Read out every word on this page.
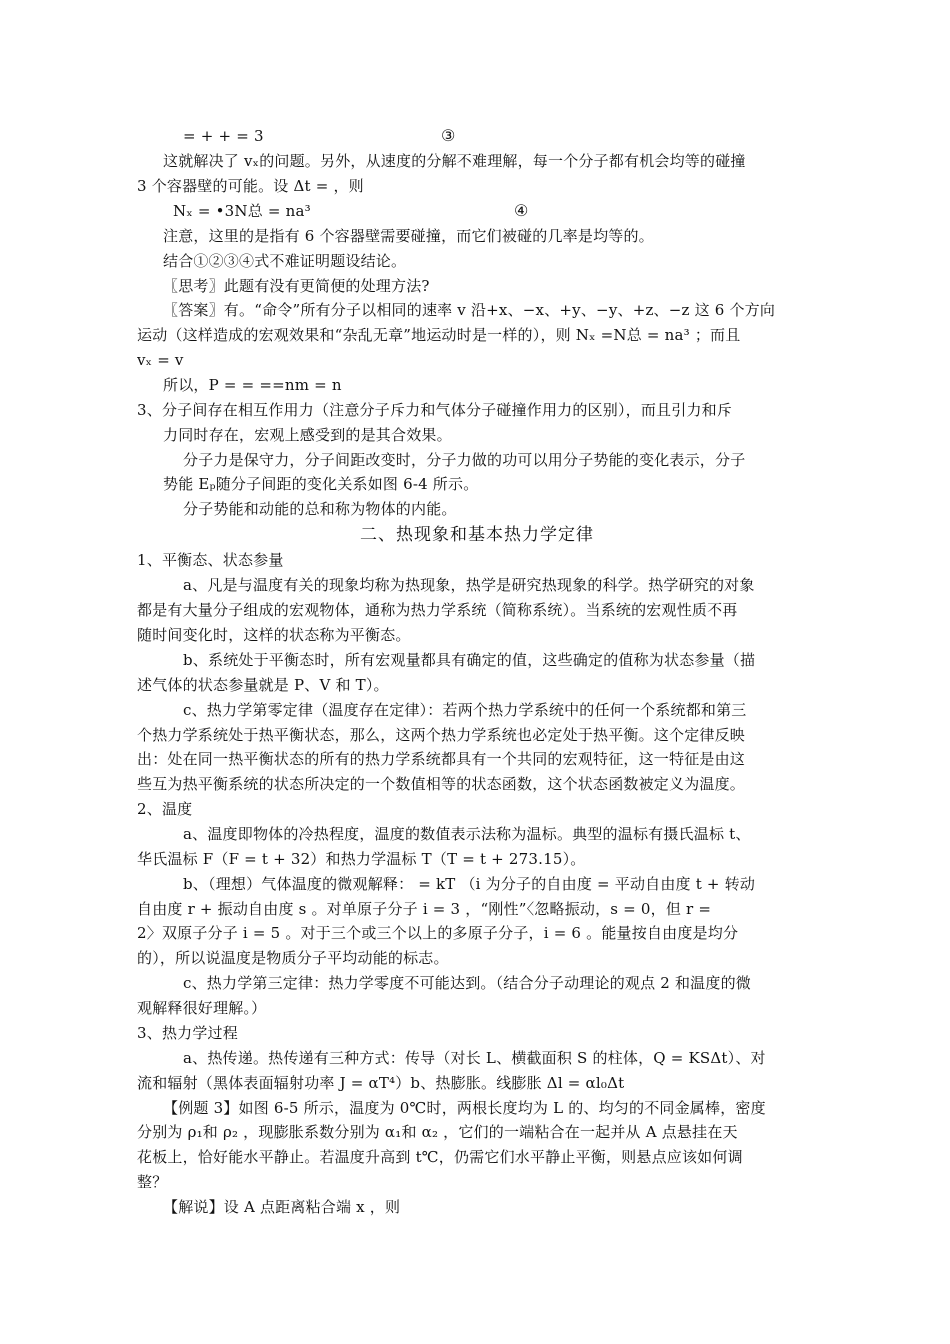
= + + = 3	③
这就解决了 vₓ的问题。另外，从速度的分解不难理解，每一个分子都有机会均等的碰撞
3 个容器壁的可能。设 Δt = ，则
Nₓ = •3N总 = na³	④
注意，这里的是指有 6 个容器壁需要碰撞，而它们被碰的几率是均等的。
结合①②③④式不难证明题设结论。
〖思考〗此题有没有更简便的处理方法?
〖答案〗有。“命令”所有分子以相同的速率 v 沿+x、−x、+y、−y、+z、−z 这 6 个方向
运动（这样造成的宏观效果和“杂乱无章”地运动时是一样的），则 Nₓ =N总 = na³ ；而且
vₓ = v
所以，P = = ==nm = n
3、分子间存在相互作用力（注意分子斥力和气体分子碰撞作用力的区别），而且引力和斥
力同时存在，宏观上感受到的是其合效果。
分子力是保守力，分子间距改变时，分子力做的功可以用分子势能的变化表示，分子
势能 Eₚ随分子间距的变化关系如图 6-4 所示。
分子势能和动能的总和称为物体的内能。
二、热现象和基本热力学定律
1、平衡态、状态参量
a、凡是与温度有关的现象均称为热现象，热学是研究热现象的科学。热学研究的对象
都是有大量分子组成的宏观物体，通称为热力学系统（简称系统）。当系统的宏观性质不再
随时间变化时，这样的状态称为平衡态。
b、系统处于平衡态时，所有宏观量都具有确定的值，这些确定的值称为状态参量（描
述气体的状态参量就是 P、V 和 T）。
c、热力学第零定律（温度存在定律）：若两个热力学系统中的任何一个系统都和第三
个热力学系统处于热平衡状态，那么，这两个热力学系统也必定处于热平衡。这个定律反映
出：处在同一热平衡状态的所有的热力学系统都具有一个共同的宏观特征，这一特征是由这
些互为热平衡系统的状态所决定的一个数值相等的状态函数，这个状态函数被定义为温度。
2、温度
a、温度即物体的冷热程度，温度的数值表示法称为温标。典型的温标有摄氏温标 t、
华氏温标 F（F = t + 32）和热力学温标 T（T = t + 273.15）。
b、（理想）气体温度的微观解释： = kT （i 为分子的自由度 = 平动自由度 t + 转动
自由度 r + 振动自由度 s 。对单原子分子 i = 3 ，“刚性”〈忽略振动，s = 0，但 r =
2〉双原子分子 i = 5 。对于三个或三个以上的多原子分子，i = 6 。能量按自由度是均分
的），所以说温度是物质分子平均动能的标志。
c、热力学第三定律：热力学零度不可能达到。（结合分子动理论的观点 2 和温度的微
观解释很好理解。）
3、热力学过程
a、热传递。热传递有三种方式：传导（对长 L、横截面积 S 的柱体，Q = KSΔt）、对
流和辐射（黑体表面辐射功率 J = αT⁴）b、热膨胀。线膨胀 Δl = αl₀Δt
【例题 3】如图 6-5 所示，温度为 0℃时，两根长度均为 L 的、均匀的不同金属棒，密度
分别为 ρ₁和 ρ₂ ，现膨胀系数分别为 α₁和 α₂ ，它们的一端粘合在一起并从 A 点悬挂在天
花板上，恰好能水平静止。若温度升高到 t℃，仍需它们水平静止平衡，则悬点应该如何调
整？
【解说】设 A 点距离粘合端 x ，则
